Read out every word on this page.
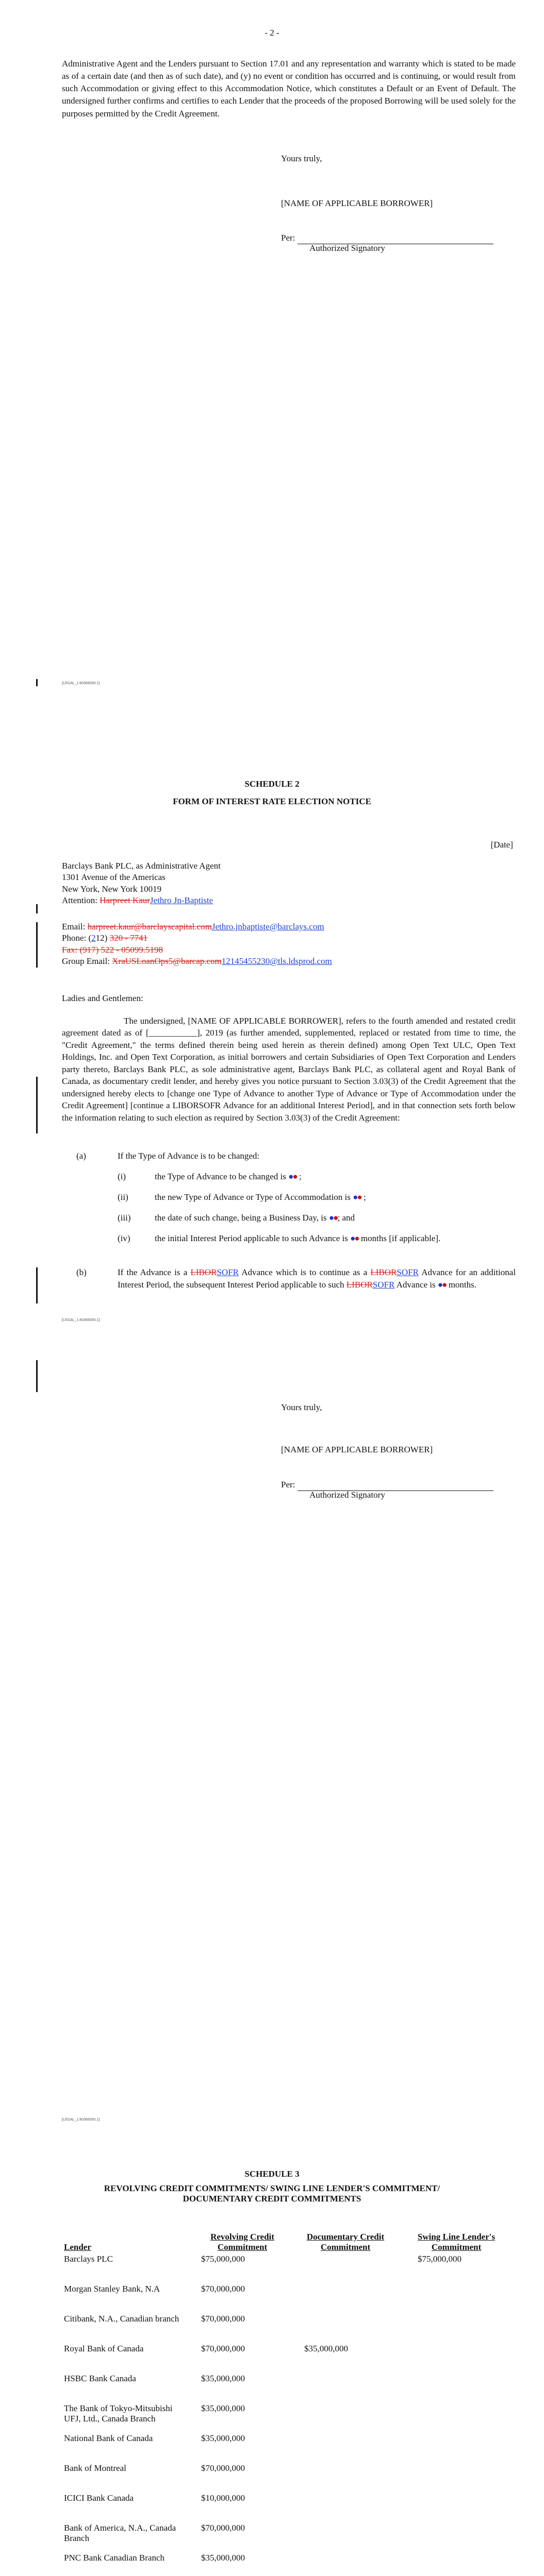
- 2 -
Administrative Agent and the Lenders pursuant to Section 17.01 and any representation and warranty which is stated to be made as of a certain date (and then as of such date), and (y) no event or condition has occurred and is continuing, or would result from such Accommodation or giving effect to this Accommodation Notice, which constitutes a Default or an Event of Default. The undersigned further confirms and certifies to each Lender that the proceeds of the proposed Borrowing will be used solely for the purposes permitted by the Credit Agreement.
Yours truly,
[NAME OF APPLICABLE BORROWER]
Per:
Authorized Signatory
[LEGAL_1:80366000.1]
SCHEDULE 2
FORM OF INTEREST RATE ELECTION NOTICE
[Date]
Barclays Bank PLC, as Administrative Agent
1301 Avenue of the Americas
New York, New York 10019
Attention: Harpreet KaurJethro Jn-Baptiste
Email: harpreet.kaur@barclayscapital.comJethro.jnbaptiste@barclays.com
Phone: (212) 320 - 7741
Fax: (917) 522 - 05099.5198
Group Email: XraUSLoanOps5@barcap.com12145455230@tls.ldsprod.com
Ladies and Gentlemen:
The undersigned, [NAME OF APPLICABLE BORROWER], refers to the fourth amended and restated credit agreement dated as of [___________], 2019 (as further amended, supplemented, replaced or restated from time to time, the "Credit Agreement," the terms defined therein being used herein as therein defined) among Open Text ULC, Open Text Holdings, Inc. and Open Text Corporation, as initial borrowers and certain Subsidiaries of Open Text Corporation and Lenders party thereto, Barclays Bank PLC, as sole administrative agent, Barclays Bank PLC, as collateral agent and Royal Bank of Canada, as documentary credit lender, and hereby gives you notice pursuant to Section 3.03(3) of the Credit Agreement that the undersigned hereby elects to [change one Type of Advance to another Type of Advance or Type of Accommodation under the Credit Agreement] [continue a LIBORSOFR Advance for an additional Interest Period], and in that connection sets forth below the information relating to such election as required by Section 3.03(3) of the Credit Agreement:
(a)	If the Type of Advance is to be changed:
(i)	the Type of Advance to be changed is ●● ;
(ii)	the new Type of Advance or Type of Accommodation is ●● ;
(iii)	the date of such change, being a Business Day, is ●●; and
(iv)	the initial Interest Period applicable to such Advance is ●● months [if applicable].
(b)	If the Advance is a LIBORSOFR Advance which is to continue as a LIBORSOFR Advance for an additional Interest Period, the subsequent Interest Period applicable to such LIBORSOFR Advance is ●● months.
[LEGAL_1:80366000.1]
Yours truly,
[NAME OF APPLICABLE BORROWER]
Per:
Authorized Signatory
[LEGAL_1:80366000.1]
SCHEDULE 3
REVOLVING CREDIT COMMITMENTS/ SWING LINE LENDER'S COMMITMENT/
DOCUMENTARY CREDIT COMMITMENTS
Lender	Revolving Credit Commitment	Documentary Credit Commitment	Swing Line Lender's Commitment
Barclays PLC	$75,000,000		$75,000,000
Morgan Stanley Bank, N.A	$70,000,000		
Citibank, N.A., Canadian branch	$70,000,000		
Royal Bank of Canada	$70,000,000	$35,000,000	
HSBC Bank Canada	$35,000,000		
The Bank of Tokyo-Mitsubishi UFJ, Ltd., Canada Branch	$35,000,000		
National Bank of Canada	$35,000,000		
Bank of Montreal	$70,000,000		
ICICI Bank Canada	$10,000,000		
Bank of America, N.A., Canada Branch	$70,000,000		
PNC Bank Canadian Branch	$35,000,000		
